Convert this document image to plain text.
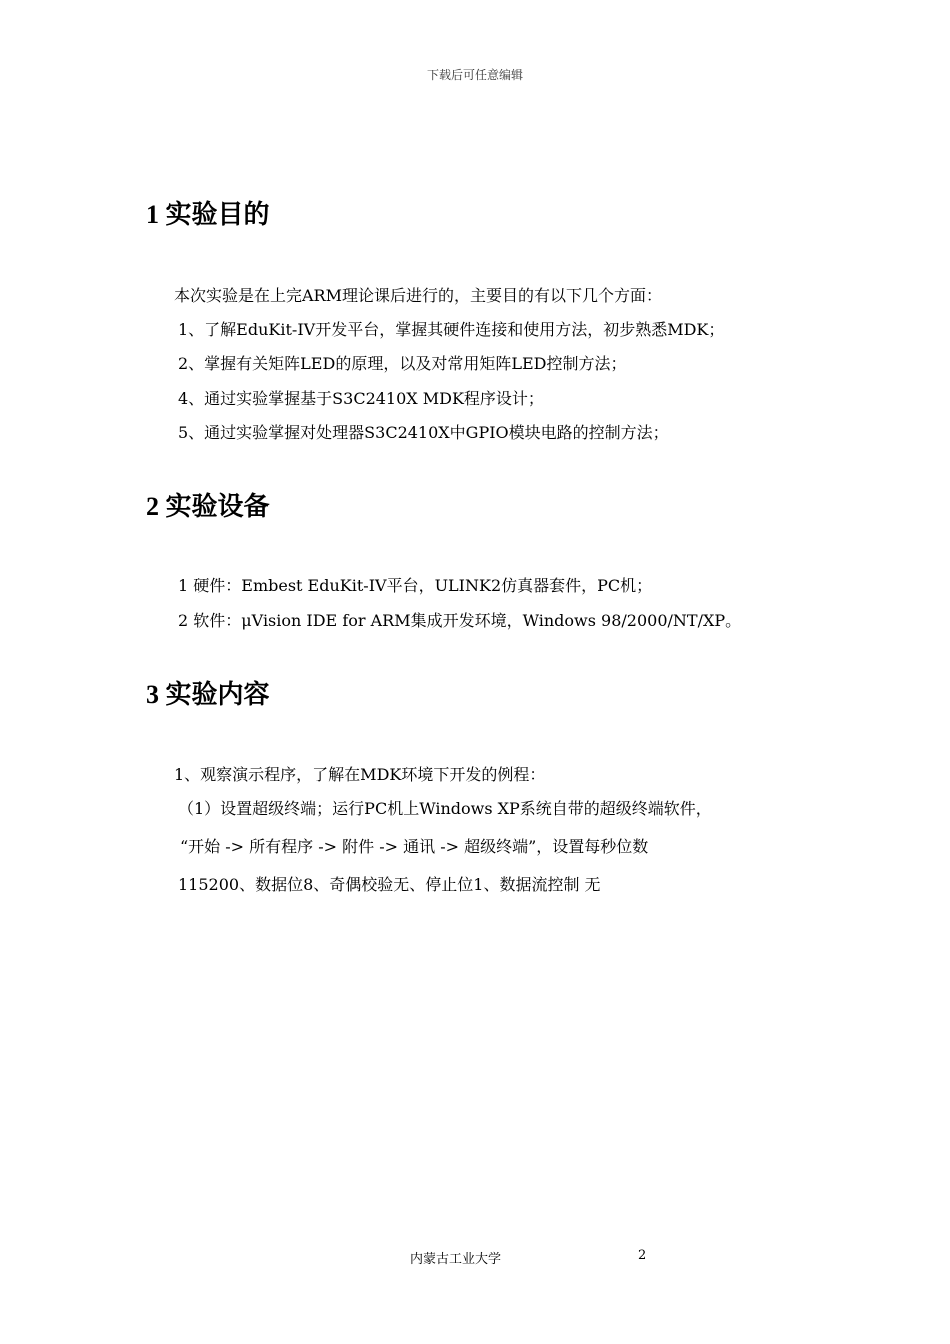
下载后可任意编辑
1 实验目的
本次实验是在上完ARM理论课后进行的，主要目的有以下几个方面：
1、了解EduKit-IV开发平台，掌握其硬件连接和使用方法，初步熟悉MDK；
2、掌握有关矩阵LED的原理，以及对常用矩阵LED控制方法；
4、通过实验掌握基于S3C2410X MDK程序设计；
5、通过实验掌握对处理器S3C2410X中GPIO模块电路的控制方法；
2 实验设备
1 硬件：Embest EduKit-IV平台，ULINK2仿真器套件，PC机；
2 软件：μVision IDE for ARM集成开发环境，Windows 98/2000/NT/XP。
3 实验内容
1、观察演示程序，了解在MDK环境下开发的例程：
（1）设置超级终端；运行PC机上Windows XP系统自带的超级终端软件，
“开始 -> 所有程序 -> 附件 -> 通讯 -> 超级终端”，设置每秒位数
115200、数据位8、奇偶校验无、停止位1、数据流控制 无
内蒙古工业大学	2
